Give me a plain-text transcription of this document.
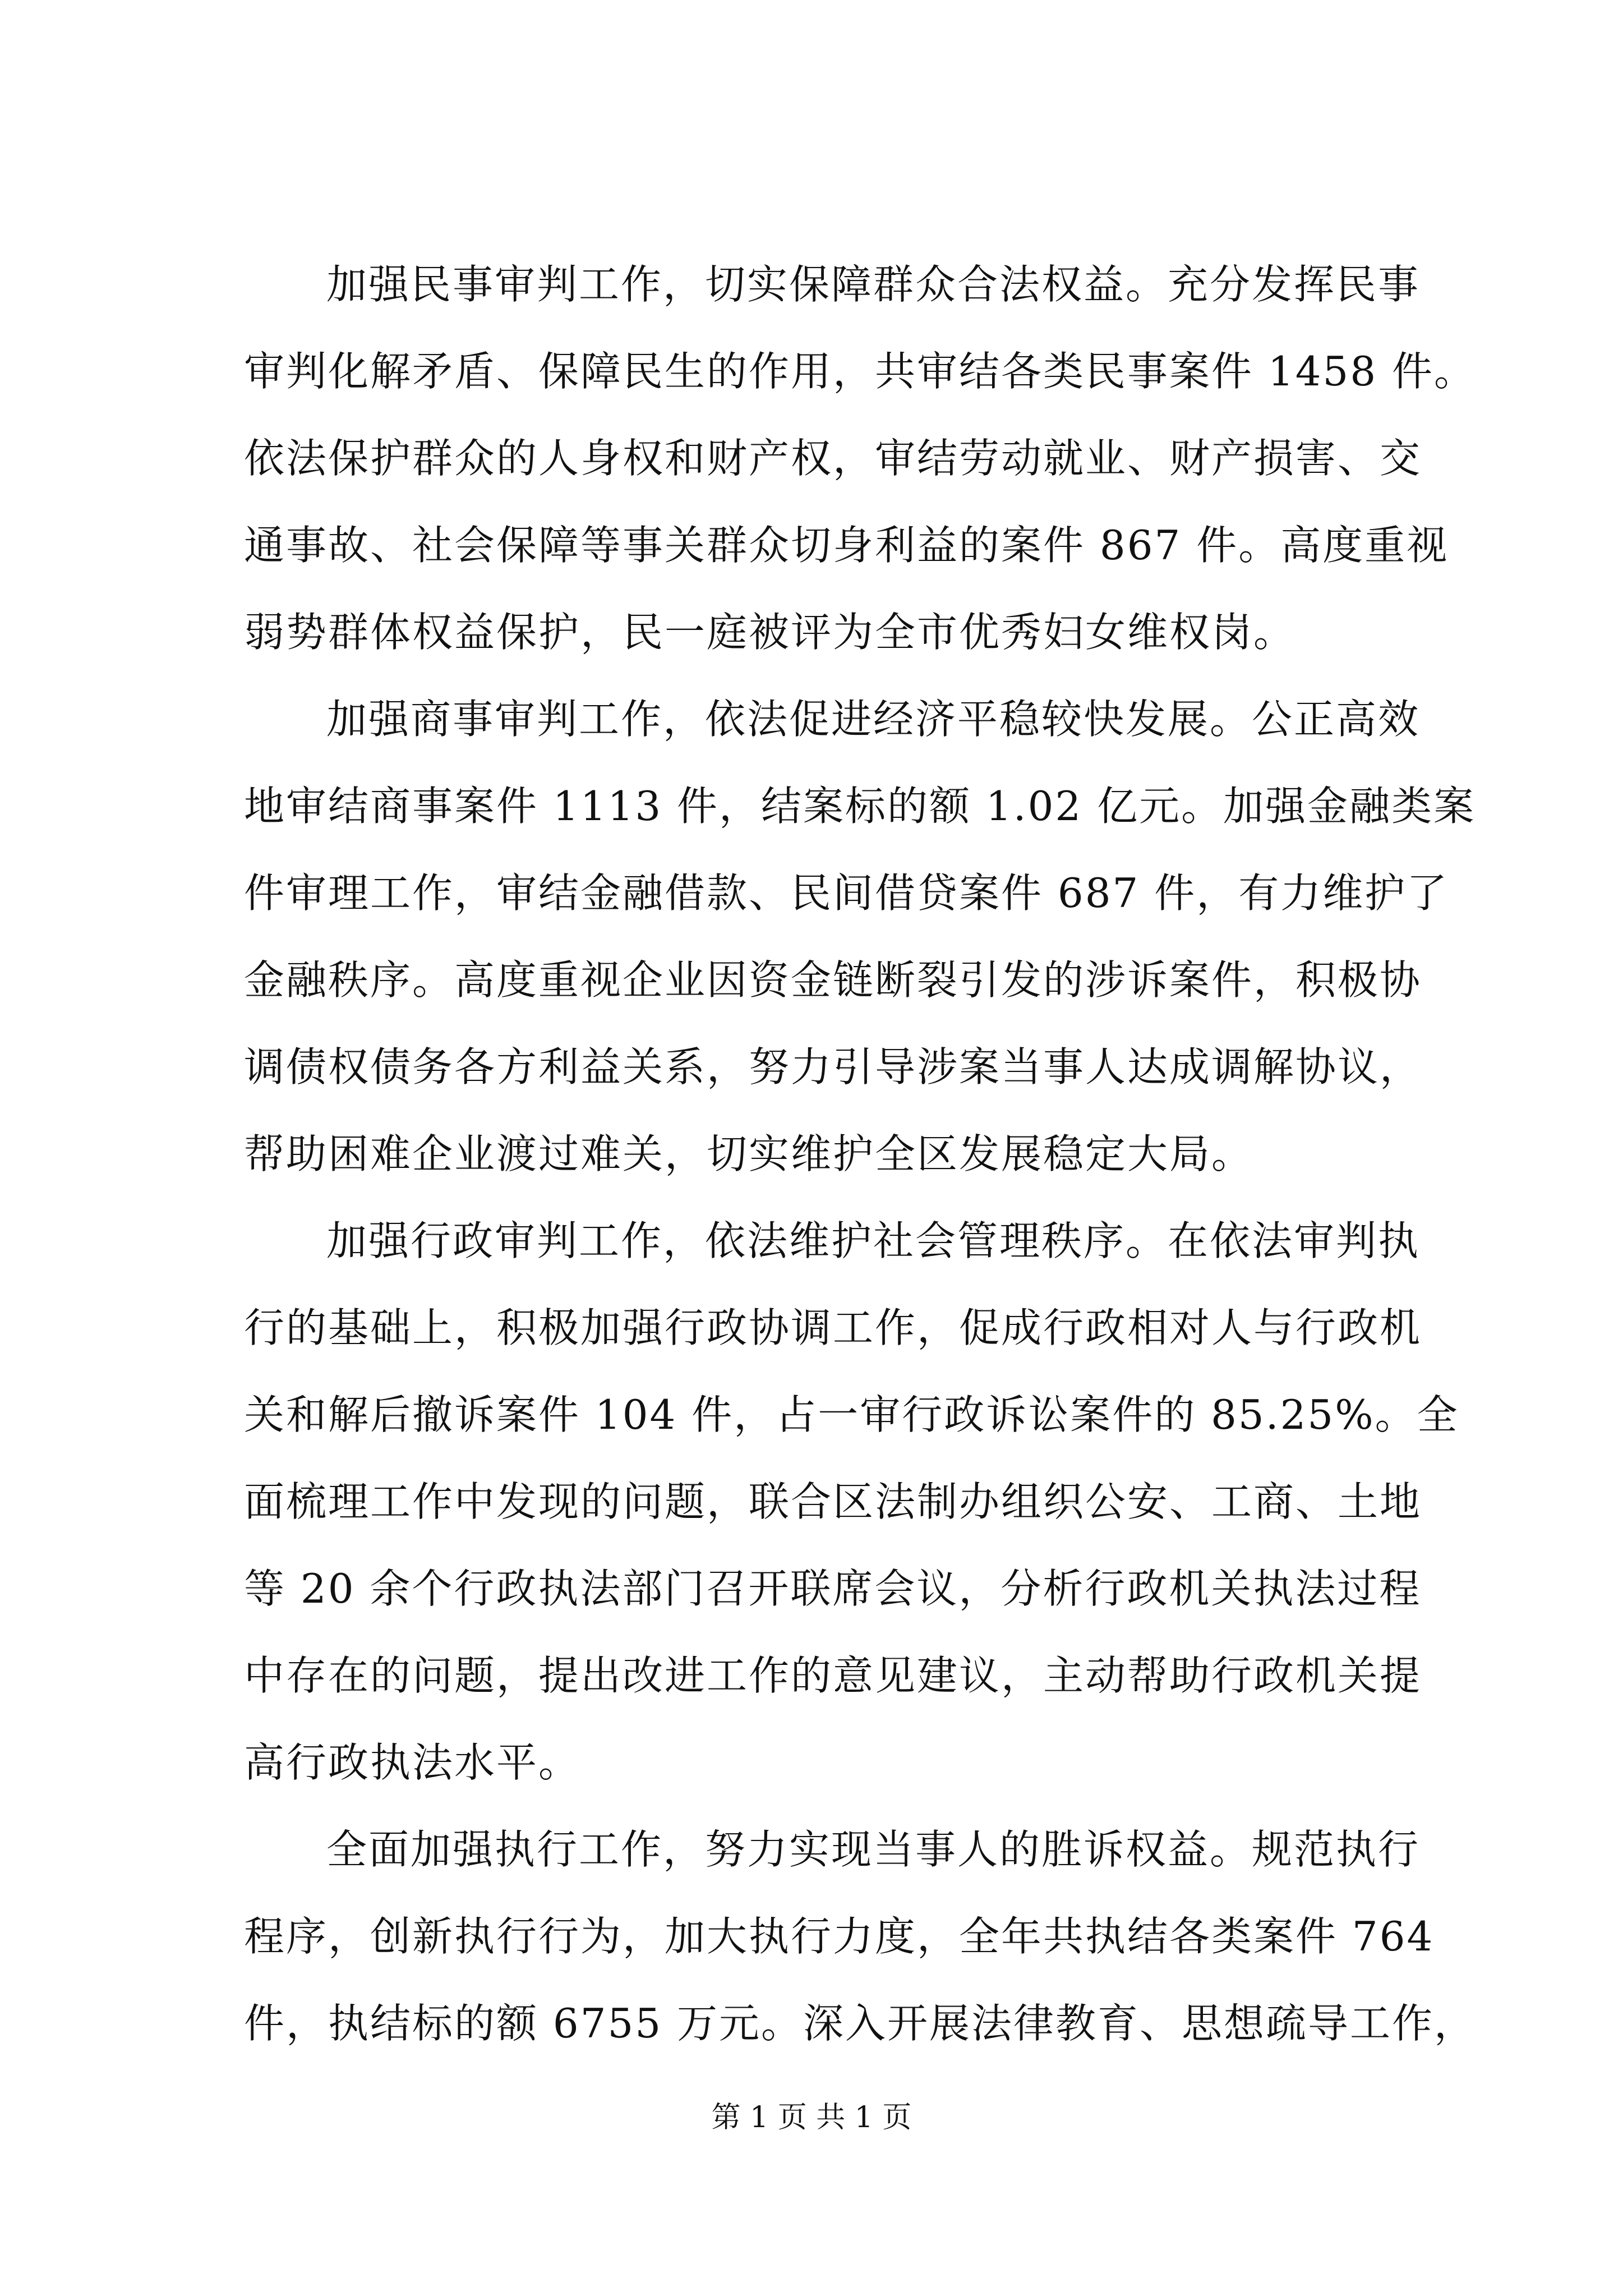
加强民事审判工作，切实保障群众合法权益。充分发挥民事
审判化解矛盾、保障民生的作用，共审结各类民事案件 1458 件。
依法保护群众的人身权和财产权，审结劳动就业、财产损害、交
通事故、社会保障等事关群众切身利益的案件 867 件。高度重视
弱势群体权益保护，民一庭被评为全市优秀妇女维权岗。
加强商事审判工作，依法促进经济平稳较快发展。公正高效
地审结商事案件 1113 件，结案标的额 1.02 亿元。加强金融类案
件审理工作，审结金融借款、民间借贷案件 687 件，有力维护了
金融秩序。高度重视企业因资金链断裂引发的涉诉案件，积极协
调债权债务各方利益关系，努力引导涉案当事人达成调解协议，
帮助困难企业渡过难关，切实维护全区发展稳定大局。
加强行政审判工作，依法维护社会管理秩序。在依法审判执
行的基础上，积极加强行政协调工作，促成行政相对人与行政机
关和解后撤诉案件 104 件，占一审行政诉讼案件的 85.25%。全
面梳理工作中发现的问题，联合区法制办组织公安、工商、土地
等 20 余个行政执法部门召开联席会议，分析行政机关执法过程
中存在的问题，提出改进工作的意见建议，主动帮助行政机关提
高行政执法水平。
全面加强执行工作，努力实现当事人的胜诉权益。规范执行
程序，创新执行行为，加大执行力度，全年共执结各类案件 764
件，执结标的额 6755 万元。深入开展法律教育、思想疏导工作，
第 1 页 共 1 页
